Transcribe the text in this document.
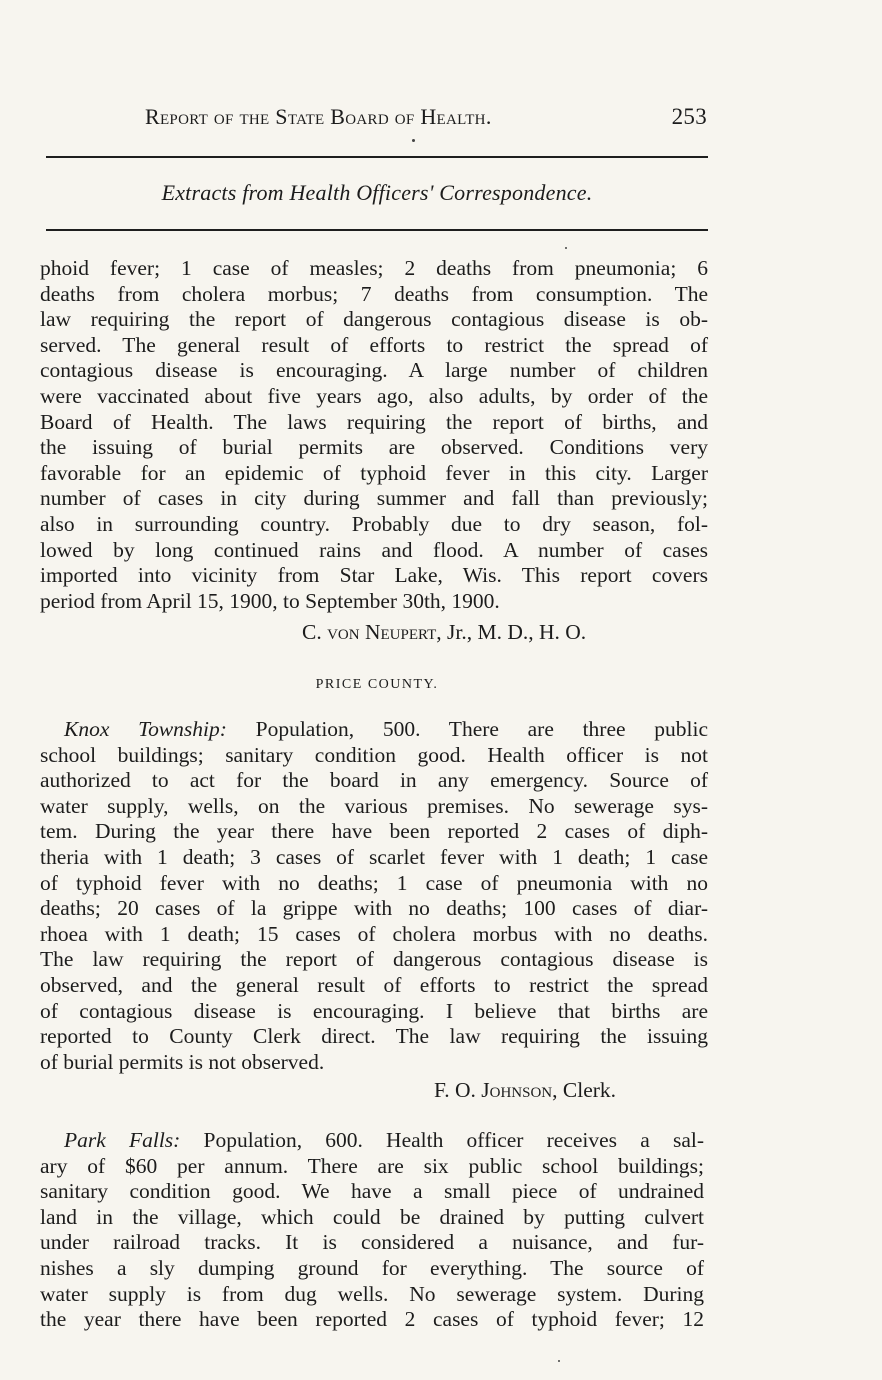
Report of the State Board of Health.	253
Extracts from Health Officers' Correspondence.
phoid fever; 1 case of measles; 2 deaths from pneumonia; 6
deaths from cholera morbus; 7 deaths from consumption. The
law requiring the report of dangerous contagious disease is ob-
served. The general result of efforts to restrict the spread of
contagious disease is encouraging. A large number of children
were vaccinated about five years ago, also adults, by order of the
Board of Health. The laws requiring the report of births, and
the issuing of burial permits are observed. Conditions very
favorable for an epidemic of typhoid fever in this city. Larger
number of cases in city during summer and fall than previously;
also in surrounding country. Probably due to dry season, fol-
lowed by long continued rains and flood. A number of cases
imported into vicinity from Star Lake, Wis. This report covers
period from April 15, 1900, to September 30th, 1900.
C. von Neupert, Jr., M. D., H. O.
PRICE COUNTY.
Knox Township: Population, 500. There are three public
school buildings; sanitary condition good. Health officer is not
authorized to act for the board in any emergency. Source of
water supply, wells, on the various premises. No sewerage sys-
tem. During the year there have been reported 2 cases of diph-
theria with 1 death; 3 cases of scarlet fever with 1 death; 1 case
of typhoid fever with no deaths; 1 case of pneumonia with no
deaths; 20 cases of la grippe with no deaths; 100 cases of diar-
rhoea with 1 death; 15 cases of cholera morbus with no deaths.
The law requiring the report of dangerous contagious disease is
observed, and the general result of efforts to restrict the spread
of contagious disease is encouraging. I believe that births are
reported to County Clerk direct. The law requiring the issuing
of burial permits is not observed.
F. O. Johnson, Clerk.
Park Falls: Population, 600. Health officer receives a sal-
ary of $60 per annum. There are six public school buildings;
sanitary condition good. We have a small piece of undrained
land in the village, which could be drained by putting culvert
under railroad tracks. It is considered a nuisance, and fur-
nishes a sly dumping ground for everything. The source of
water supply is from dug wells. No sewerage system. During
the year there have been reported 2 cases of typhoid fever; 12
